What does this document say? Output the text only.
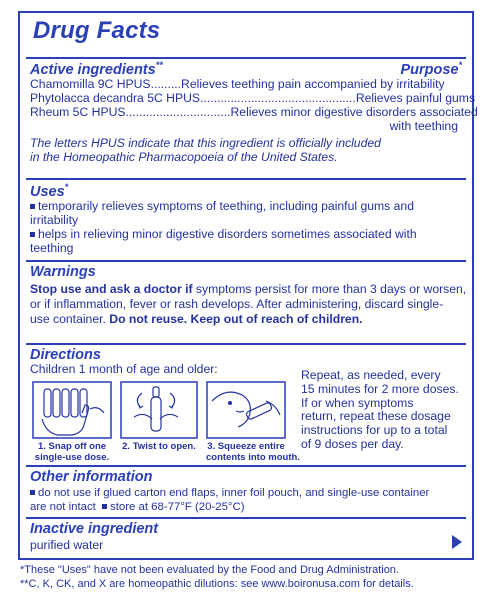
Drug Facts
Active ingredients**	Purpose*
Chamomilla 9C HPUS.........Relieves teething pain accompanied by irritability
Phytolacca decandra 5C HPUS..............................................Relieves painful gums
Rheum 5C HPUS...............................Relieves minor digestive disorders associated
with teething
The letters HPUS indicate that this ingredient is officially included
in the Homeopathic Pharmacopoeia of the United States.
Uses*
temporarily relieves symptoms of teething, including painful gums and
irritability
helps in relieving minor digestive disorders sometimes associated with
teething
Warnings
Stop use and ask a doctor if symptoms persist for more than 3 days or worsen,
or if inflammation, fever or rash develops. After administering, discard single-
use container. Do not reuse. Keep out of reach of children.
Directions
Children 1 month of age and older:
1. Snap off one
single-use dose.
2. Twist to open. 3. Squeeze entire
contents into mouth.
Repeat, as needed, every
15 minutes for 2 more doses.
If or when symptoms
return, repeat these dosage
instructions for up to a total
of 9 doses per day.
Other information
do not use if glued carton end flaps, inner foil pouch, and single-use container
are not intact store at 68-77°F (20-25°C)
Inactive ingredient
purified water
*These "Uses" have not been evaluated by the Food and Drug Administration.
**C, K, CK, and X are homeopathic dilutions: see www.boironusa.com for details.
